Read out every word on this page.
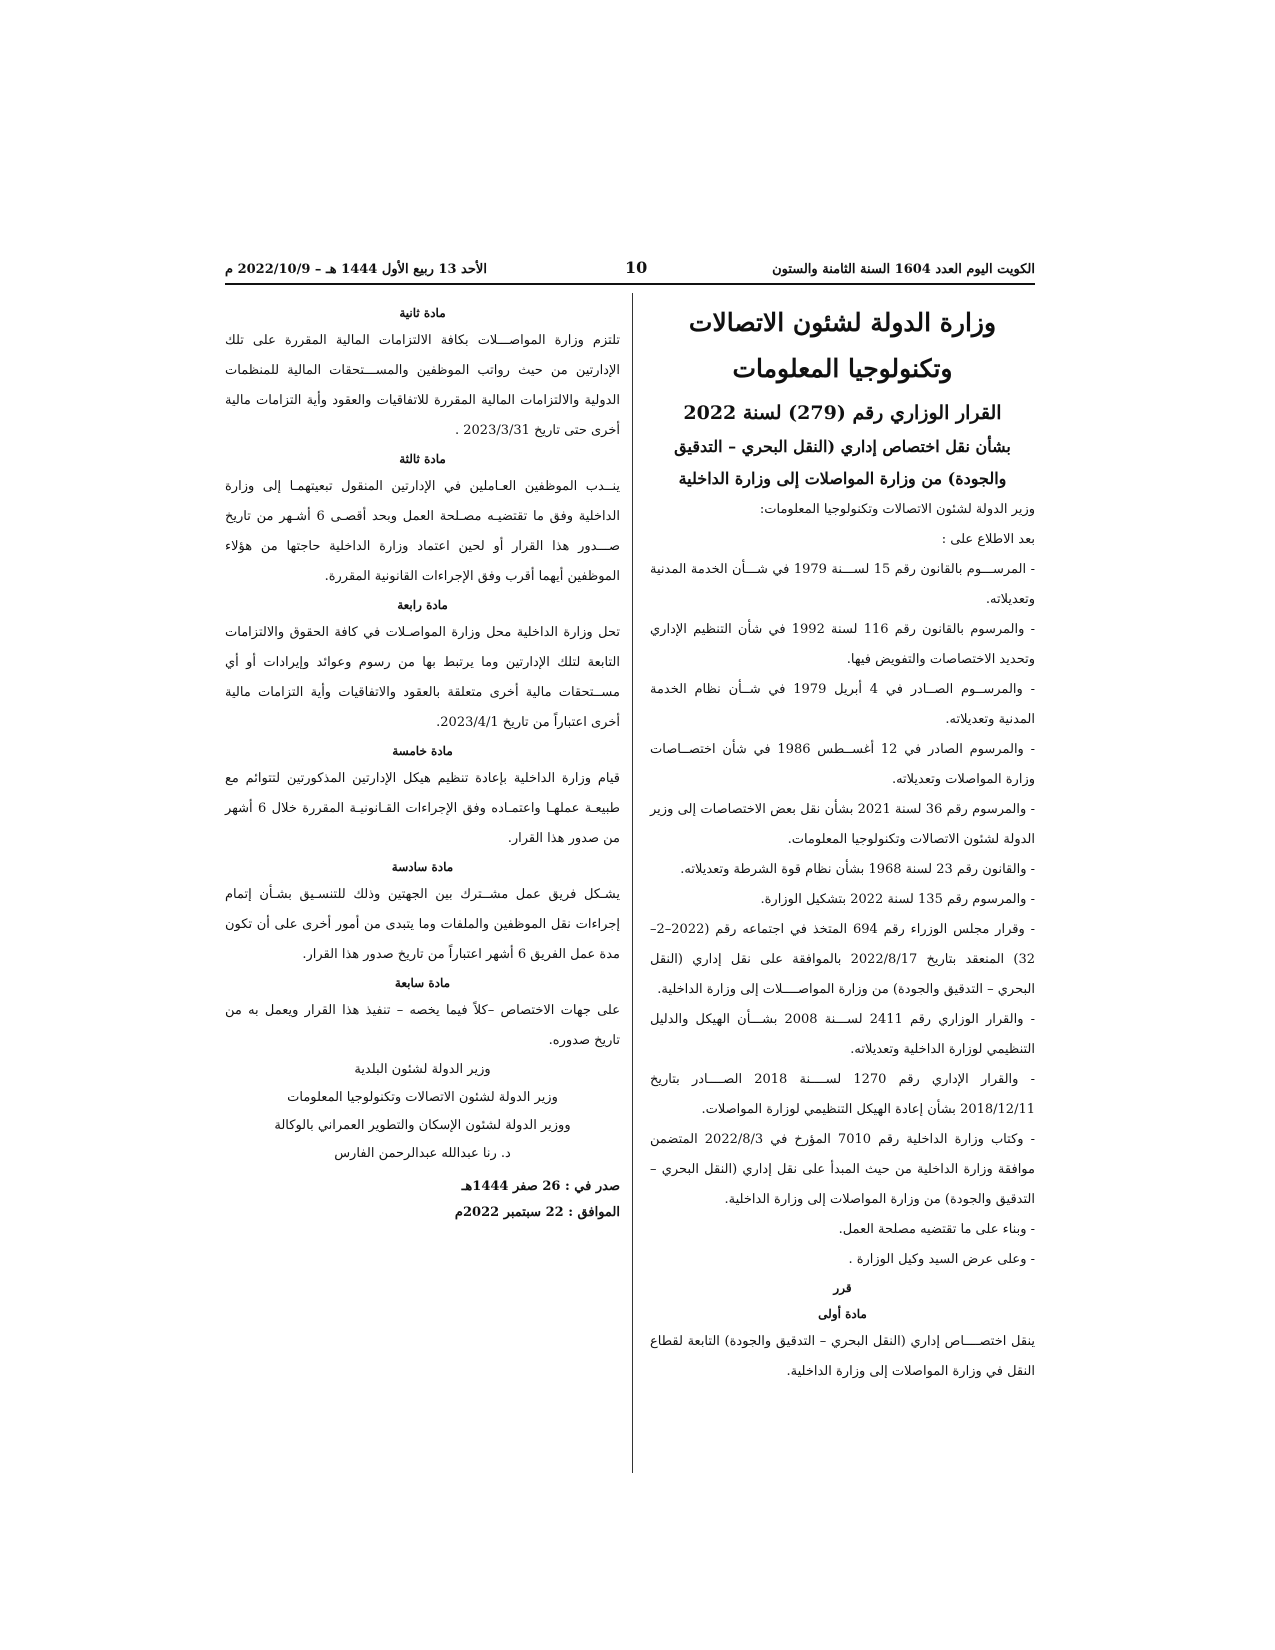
الكويت اليوم العدد 1604 السنة الثامنة والستون
10
الأحد 13 ربيع الأول 1444 هـ – 2022/10/9 م

وزارة الدولة لشئون الاتصالات

وتكنولوجيا المعلومات

القرار الوزاري رقم (279) لسنة 2022

بشأن نقل اختصاص إداري (النقل البحري – التدقيق

والجودة) من وزارة المواصلات إلى وزارة الداخلية

وزير الدولة لشئون الاتصالات وتكنولوجيا المعلومات:

بعد الاطلاع على :

- المرســـوم بالقانون رقم 15 لســـنة 1979 في شـــأن الخدمة المدنية وتعديلاته.

- والمرسوم بالقانون رقم 116 لسنة 1992 في شأن التنظيم الإداري وتحديد الاختصاصات والتفويض فيها.

- والمرســوم الصــادر في 4 أبريل 1979 في شــأن نظام الخدمة المدنية وتعديلاته.

- والمرسوم الصادر في 12 أغســطس 1986 في شأن اختصــاصات وزارة المواصلات وتعديلاته.

- والمرسوم رقم 36 لسنة 2021 بشأن نقل بعض الاختصاصات إلى وزير الدولة لشئون الاتصالات وتكنولوجيا المعلومات.

- والقانون رقم 23 لسنة 1968 بشأن نظام قوة الشرطة وتعديلاته.

- والمرسوم رقم 135 لسنة 2022 بتشكيل الوزارة.

- وقرار مجلس الوزراء رقم 694 المتخذ في اجتماعه رقم (2022–2–32) المنعقد بتاريخ 2022/8/17 بالموافقة على نقل إداري (النقل البحري – التدقيق والجودة) من وزارة المواصــــلات إلى وزارة الداخلية.

- والقرار الوزاري رقم 2411 لســـنة 2008 بشـــأن الهيكل والدليل التنظيمي لوزارة الداخلية وتعديلاته.

- والقرار الإداري رقم 1270 لســــنة 2018 الصــــادر بتاريخ 2018/12/11 بشأن إعادة الهيكل التنظيمي لوزارة المواصلات.

- وكتاب وزارة الداخلية رقم 7010 المؤرخ في 2022/8/3 المتضمن موافقة وزارة الداخلية من حيث المبدأ على نقل إداري (النقل البحري – التدقيق والجودة) من وزارة المواصلات إلى وزارة الداخلية.

- وبناء على ما تقتضيه مصلحة العمل.

- وعلى عرض السيد وكيل الوزارة .

قرر

مادة أولى

ينقل اختصــــاص إداري (النقل البحري – التدقيق والجودة) التابعة لقطاع النقل في وزارة المواصلات إلى وزارة الداخلية.

مادة ثانية

تلتزم وزارة المواصـــلات بكافة الالتزامات المالية المقررة على تلك الإدارتين من حيث رواتب الموظفين والمســـتحقات المالية للمنظمات الدولية والالتزامات المالية المقررة للاتفاقيات والعقود وأية التزامات مالية أخرى حتى تاريخ 2023/3/31 .

مادة ثالثة

ينــدب الموظفين العـاملين في الإدارتين المنقول تبعيتهمـا إلى وزارة الداخلية وفق ما تقتضيـه مصـلحة العمل وبحد أقصـى 6 أشـهر من تاريخ صـــدور هذا القرار أو لحين اعتماد وزارة الداخلية حاجتها من هؤلاء الموظفين أيهما أقرب وفق الإجراءات القانونية المقررة.

مادة رابعة

تحل وزارة الداخلية محل وزارة المواصـلات في كافة الحقوق والالتزامات التابعة لتلك الإدارتين وما يرتبط بها من رسوم وعوائد وإيرادات أو أي مســتحقات مالية أخرى متعلقة بالعقود والاتفاقيات وأية التزامات مالية أخرى اعتباراً من تاريخ 2023/4/1.

مادة خامسة

قيام وزارة الداخلية بإعادة تنظيم هيكل الإدارتين المذكورتين لتتوائم مع طبيعـة عملهـا واعتمـاده وفق الإجراءات القـانونيـة المقررة خلال 6 أشهر من صدور هذا القرار.

مادة سادسة

يشـكل فريق عمل مشــترك بين الجهتين وذلك للتنسـيق بشـأن إتمام إجراءات نقل الموظفين والملفات وما يتبدى من أمور أخرى على أن تكون مدة عمل الفريق 6 أشهر اعتباراً من تاريخ صدور هذا القرار.

مادة سابعة

على جهات الاختصاص –كلاً فيما يخصه – تنفيذ هذا القرار ويعمل به من تاريخ صدوره.

وزير الدولة لشئون البلدية

وزير الدولة لشئون الاتصالات وتكنولوجيا المعلومات

ووزير الدولة لشئون الإسكان والتطوير العمراني بالوكالة

د. رنا عبدالله عبدالرحمن الفارس

صدر في : 26 صفر 1444هـ

الموافق : 22 سبتمبر 2022م
